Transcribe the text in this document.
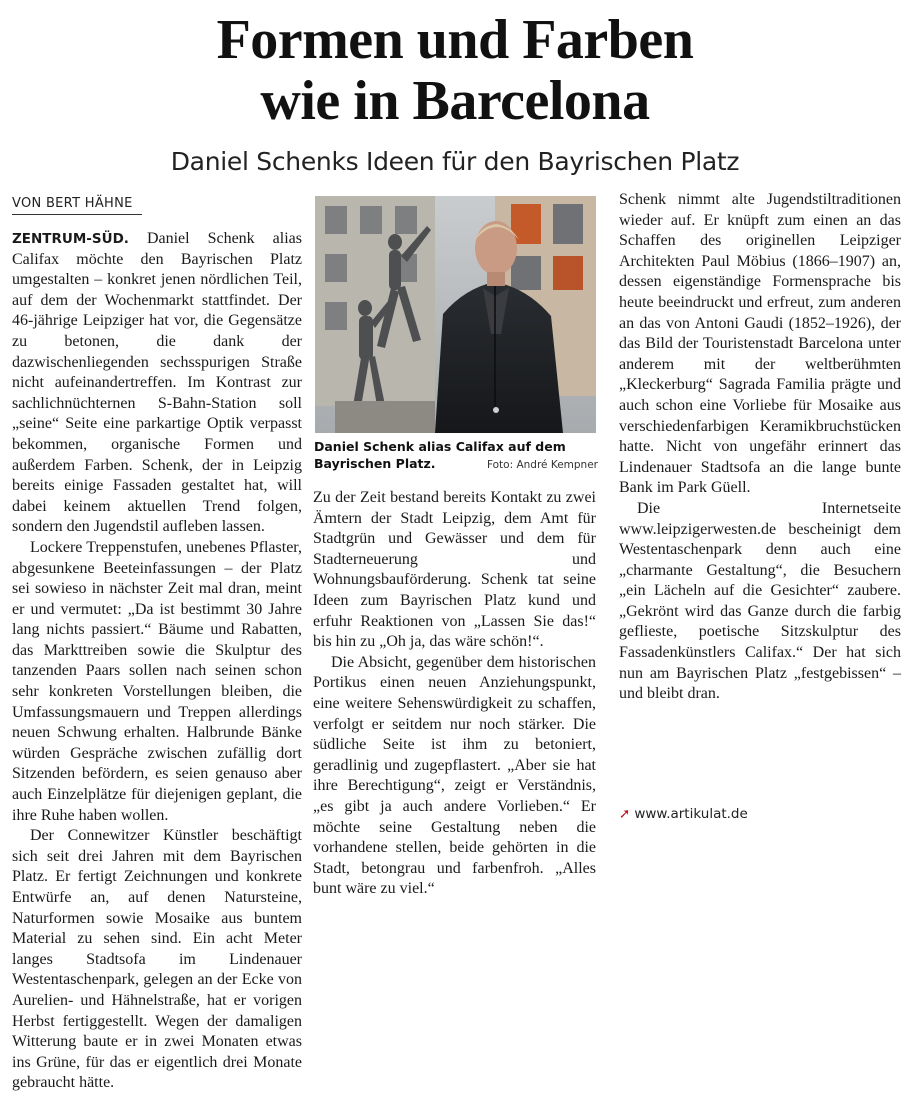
Formen und Farben
wie in Barcelona
Daniel Schenks Ideen für den Bayrischen Platz
VON BERT HÄHNE

ZENTRUM-SÜD. Daniel Schenk alias Califax möchte den Bayrischen Platz umgestalten – konkret jenen nördlichen Teil, auf dem der Wochenmarkt stattfindet. Der 46-jährige Leipziger hat vor, die Gegensätze zu betonen, die dank der dazwischenliegenden sechsspurigen Straße nicht aufeinandertreffen. Im Kontrast zur sachlichnüchternen S-Bahn-Station soll „seine“ Seite eine parkartige Optik verpasst bekommen, organische Formen und außerdem Farben. Schenk, der in Leipzig bereits einige Fassaden gestaltet hat, will dabei keinem aktuellen Trend folgen, sondern den Jugendstil aufleben lassen.

Lockere Treppenstufen, unebenes Pflaster, abgesunkene Beeteinfassungen – der Platz sei sowieso in nächster Zeit mal dran, meint er und vermutet: „Da ist bestimmt 30 Jahre lang nichts passiert.“ Bäume und Rabatten, das Markttreiben sowie die Skulptur des tanzenden Paars sollen nach seinen schon sehr konkreten Vorstellungen bleiben, die Umfassungsmauern und Treppen allerdings neuen Schwung erhalten. Halbrunde Bänke würden Gespräche zwischen zufällig dort Sitzenden befördern, es seien genauso aber auch Einzelplätze für diejenigen geplant, die ihre Ruhe haben wollen.

Der Connewitzer Künstler beschäftigt sich seit drei Jahren mit dem Bayrischen Platz. Er fertigt Zeichnungen und konkrete Entwürfe an, auf denen Natursteine, Naturformen sowie Mosaike aus buntem Material zu sehen sind. Ein acht Meter langes Stadtsofa im Lindenauer Westentaschenpark, gelegen an der Ecke von Aurelien- und Hähnelstraße, hat er vorigen Herbst fertiggestellt. Wegen der damaligen Witterung baute er in zwei Monaten etwas ins Grüne, für das er eigentlich drei Monate gebraucht hätte.

Daniel Schenk alias Califax auf dem Bayrischen Platz.	Foto: André Kempner

Zu der Zeit bestand bereits Kontakt zu zwei Ämtern der Stadt Leipzig, dem Amt für Stadtgrün und Gewässer und dem für Stadterneuerung und Wohnungsbauförderung. Schenk tat seine Ideen zum Bayrischen Platz kund und erfuhr Reaktionen von „Lassen Sie das!“ bis hin zu „Oh ja, das wäre schön!“.

Die Absicht, gegenüber dem historischen Portikus einen neuen Anziehungspunkt, eine weitere Sehenswürdigkeit zu schaffen, verfolgt er seitdem nur noch stärker. Die südliche Seite ist ihm zu betoniert, geradlinig und zugepflastert. „Aber sie hat ihre Berechtigung“, zeigt er Verständnis, „es gibt ja auch andere Vorlieben.“ Er möchte seine Gestaltung neben die vorhandene stellen, beide gehörten in die Stadt, betongrau und farbenfroh. „Alles bunt wäre zu viel.“

Schenk nimmt alte Jugendstiltraditionen wieder auf. Er knüpft zum einen an das Schaffen des originellen Leipziger Architekten Paul Möbius (1866–1907) an, dessen eigenständige Formensprache bis heute beeindruckt und erfreut, zum anderen an das von Antoni Gaudi (1852–1926), der das Bild der Touristenstadt Barcelona unter anderem mit der weltberühmten „Kleckerburg“ Sagrada Familia prägte und auch schon eine Vorliebe für Mosaike aus verschiedenfarbigen Keramikbruchstücken hatte. Nicht von ungefähr erinnert das Lindenauer Stadtsofa an die lange bunte Bank im Park Güell.

Die Internetseite www.leipzigerwesten.de bescheinigt dem Westentaschenpark denn auch eine „charmante Gestaltung“, die Besuchern „ein Lächeln auf die Gesichter“ zaubere. „Gekrönt wird das Ganze durch die farbig geflieste, poetische Sitzskulptur des Fassadenkünstlers Califax.“ Der hat sich nun am Bayrischen Platz „festgebissen“ – und bleibt dran.

➚ www.artikulat.de
